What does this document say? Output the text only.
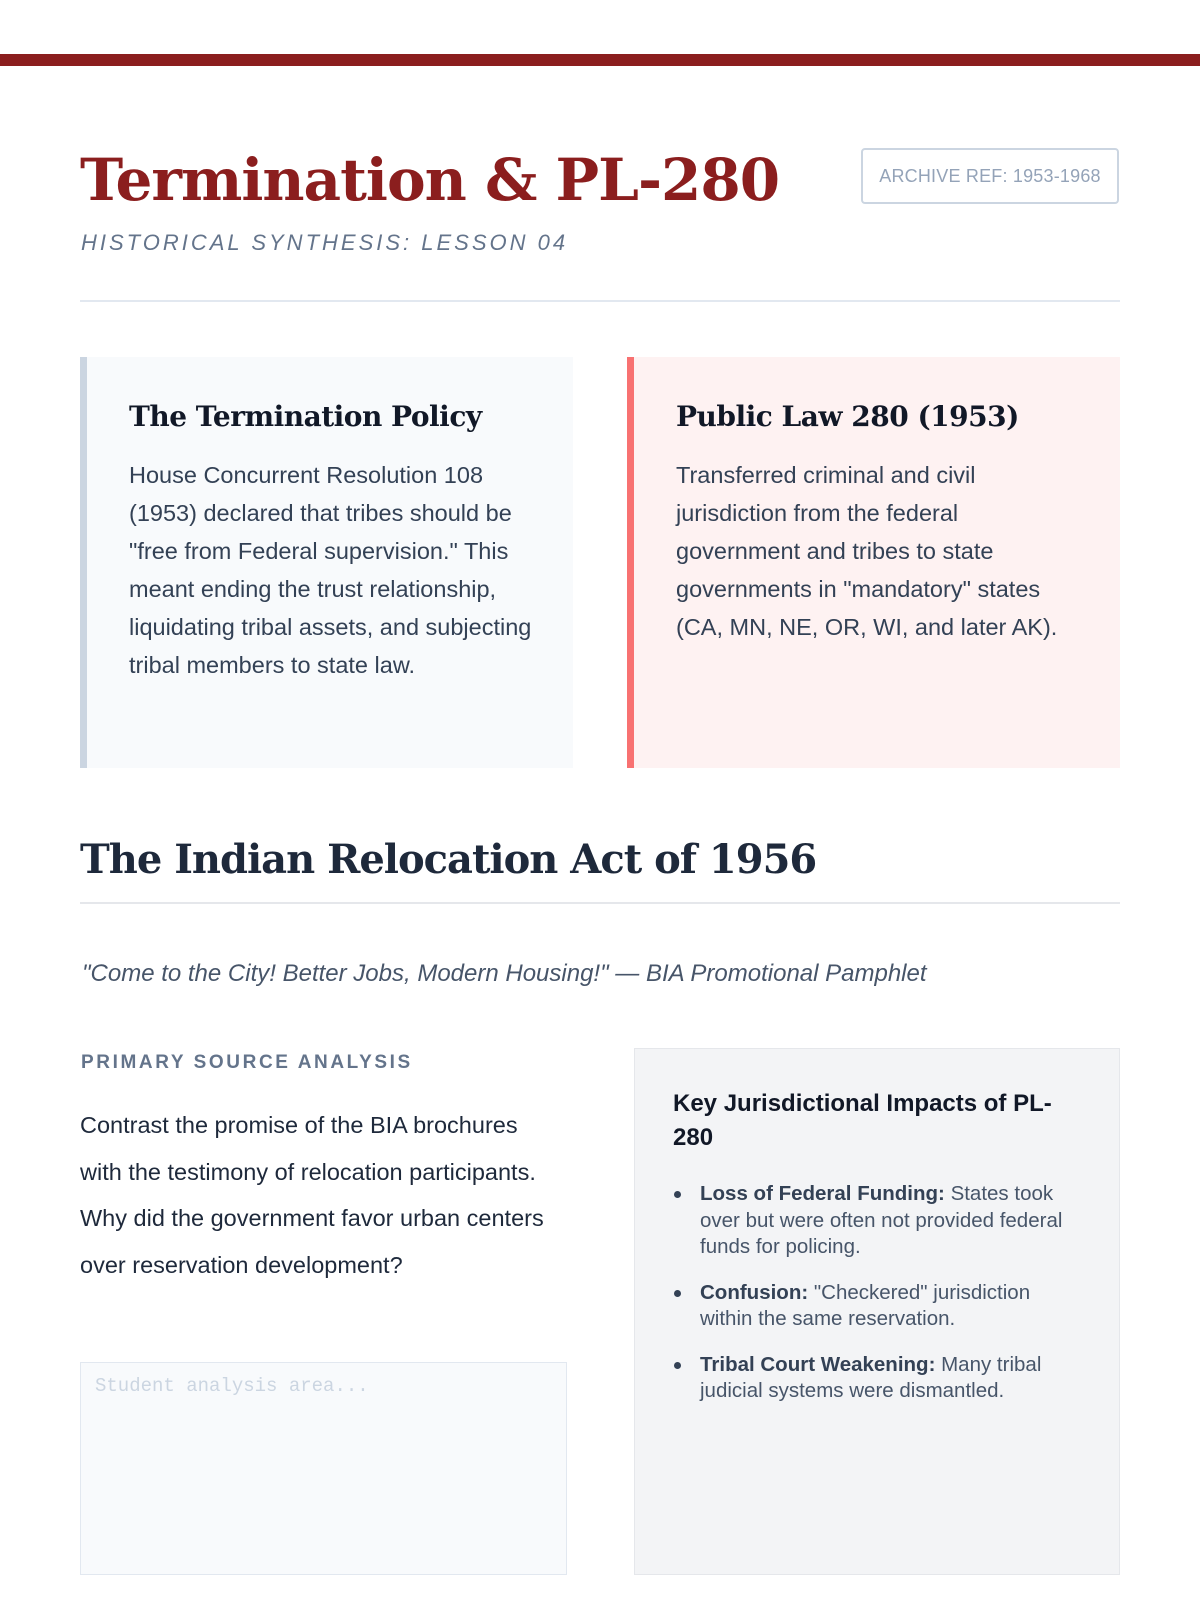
Termination & PL-280
HISTORICAL SYNTHESIS: LESSON 04
ARCHIVE REF: 1953-1968
The Termination Policy

House Concurrent Resolution 108 (1953) declared that tribes should be "free from Federal supervision." This meant ending the trust relationship, liquidating tribal assets, and subjecting tribal members to state law.

Public Law 280 (1953)

Transferred criminal and civil jurisdiction from the federal government and tribes to state governments in "mandatory" states (CA, MN, NE, OR, WI, and later AK).

The Indian Relocation Act of 1956
"Come to the City! Better Jobs, Modern Housing!" — BIA Promotional Pamphlet
PRIMARY SOURCE ANALYSIS

Contrast the promise of the BIA brochures with the testimony of relocation participants. Why did the government favor urban centers over reservation development?

Student analysis area...
Key Jurisdictional Impacts of PL-280
Loss of Federal Funding: States took over but were often not provided federal funds for policing.
Confusion: "Checkered" jurisdiction within the same reservation.
Tribal Court Weakening: Many tribal judicial systems were dismantled.
